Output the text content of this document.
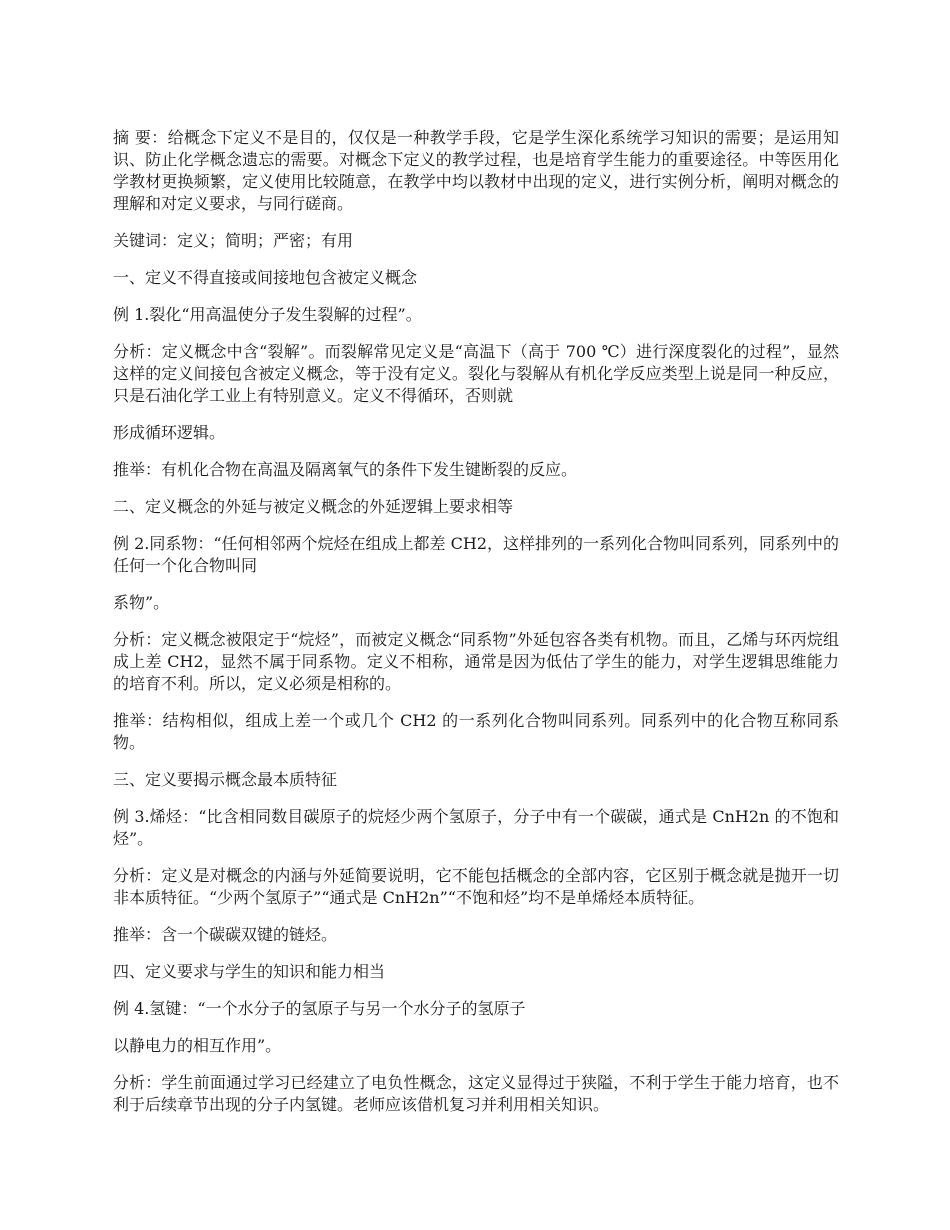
摘 要：给概念下定义不是目的，仅仅是一种教学手段，它是学生深化系统学习知识的需要；是运用知识、防止化学概念遗忘的需要。对概念下定义的教学过程，也是培育学生能力的重要途径。中等医用化学教材更换频繁，定义使用比较随意，在教学中均以教材中出现的定义，进行实例分析，阐明对概念的理解和对定义要求，与同行磋商。

关键词：定义；简明；严密；有用

一、定义不得直接或间接地包含被定义概念

例 1.裂化“用高温使分子发生裂解的过程”。

分析：定义概念中含“裂解”。而裂解常见定义是“高温下（高于 700 ℃）进行深度裂化的过程”，显然这样的定义间接包含被定义概念，等于没有定义。裂化与裂解从有机化学反应类型上说是同一种反应，只是石油化学工业上有特别意义。定义不得循环，否则就

形成循环逻辑。

推举：有机化合物在高温及隔离氧气的条件下发生键断裂的反应。

二、定义概念的外延与被定义概念的外延逻辑上要求相等

例 2.同系物：“任何相邻两个烷烃在组成上都差 CH2，这样排列的一系列化合物叫同系列，同系列中的任何一个化合物叫同

系物”。

分析：定义概念被限定于“烷烃”，而被定义概念“同系物”外延包容各类有机物。而且，乙烯与环丙烷组成上差 CH2，显然不属于同系物。定义不相称，通常是因为低估了学生的能力，对学生逻辑思维能力的培育不利。所以，定义必须是相称的。

推举：结构相似，组成上差一个或几个 CH2 的一系列化合物叫同系列。同系列中的化合物互称同系物。

三、定义要揭示概念最本质特征

例 3.烯烃：“比含相同数目碳原子的烷烃少两个氢原子，分子中有一个碳碳，通式是 CnH2n 的不饱和烃”。

分析：定义是对概念的内涵与外延简要说明，它不能包括概念的全部内容，它区别于概念就是抛开一切非本质特征。“少两个氢原子”“通式是 CnH2n”“不饱和烃”均不是单烯烃本质特征。

推举：含一个碳碳双键的链烃。

四、定义要求与学生的知识和能力相当

例 4.氢键：“一个水分子的氢原子与另一个水分子的氢原子

以静电力的相互作用”。

分析：学生前面通过学习已经建立了电负性概念，这定义显得过于狭隘，不利于学生于能力培育，也不利于后续章节出现的分子内氢键。老师应该借机复习并利用相关知识。
